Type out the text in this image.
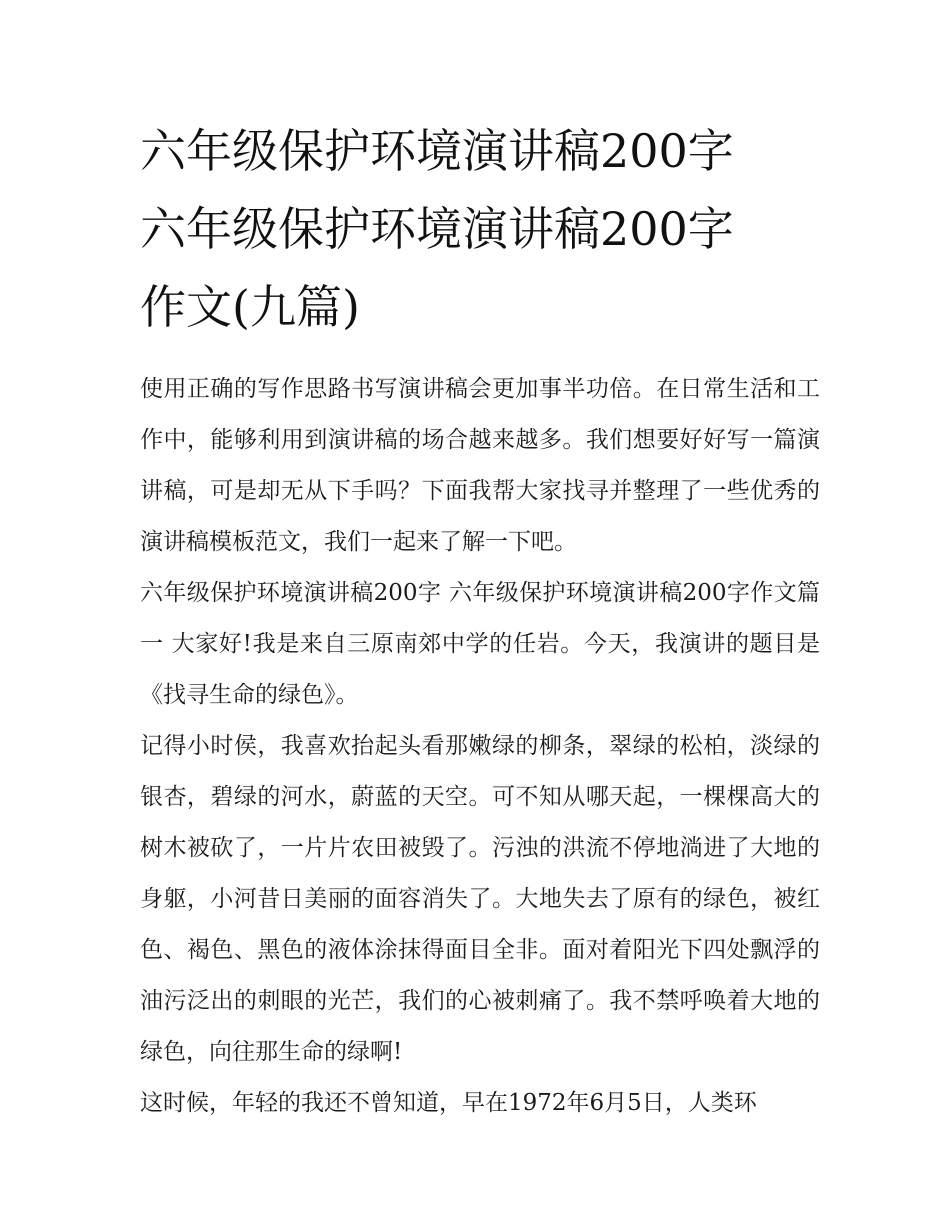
六年级保护环境演讲稿200字
六年级保护环境演讲稿200字
作文(九篇)

使用正确的写作思路书写演讲稿会更加事半功倍。在日常生活和工作中，能够利用到演讲稿的场合越来越多。我们想要好好写一篇演讲稿，可是却无从下手吗？下面我帮大家找寻并整理了一些优秀的演讲稿模板范文，我们一起来了解一下吧。

六年级保护环境演讲稿200字 六年级保护环境演讲稿200字作文篇一 大家好!我是来自三原南郊中学的任岩。今天，我演讲的题目是《找寻生命的绿色》。

记得小时侯，我喜欢抬起头看那嫩绿的柳条，翠绿的松柏，淡绿的银杏，碧绿的河水，蔚蓝的天空。可不知从哪天起，一棵棵高大的树木被砍了，一片片农田被毁了。污浊的洪流不停地淌进了大地的身躯，小河昔日美丽的面容消失了。大地失去了原有的绿色，被红色、褐色、黑色的液体涂抹得面目全非。面对着阳光下四处飘浮的油污泛出的刺眼的光芒，我们的心被刺痛了。我不禁呼唤着大地的绿色，向往那生命的绿啊!

这时候，年轻的我还不曾知道，早在1972年6月5日，人类环
